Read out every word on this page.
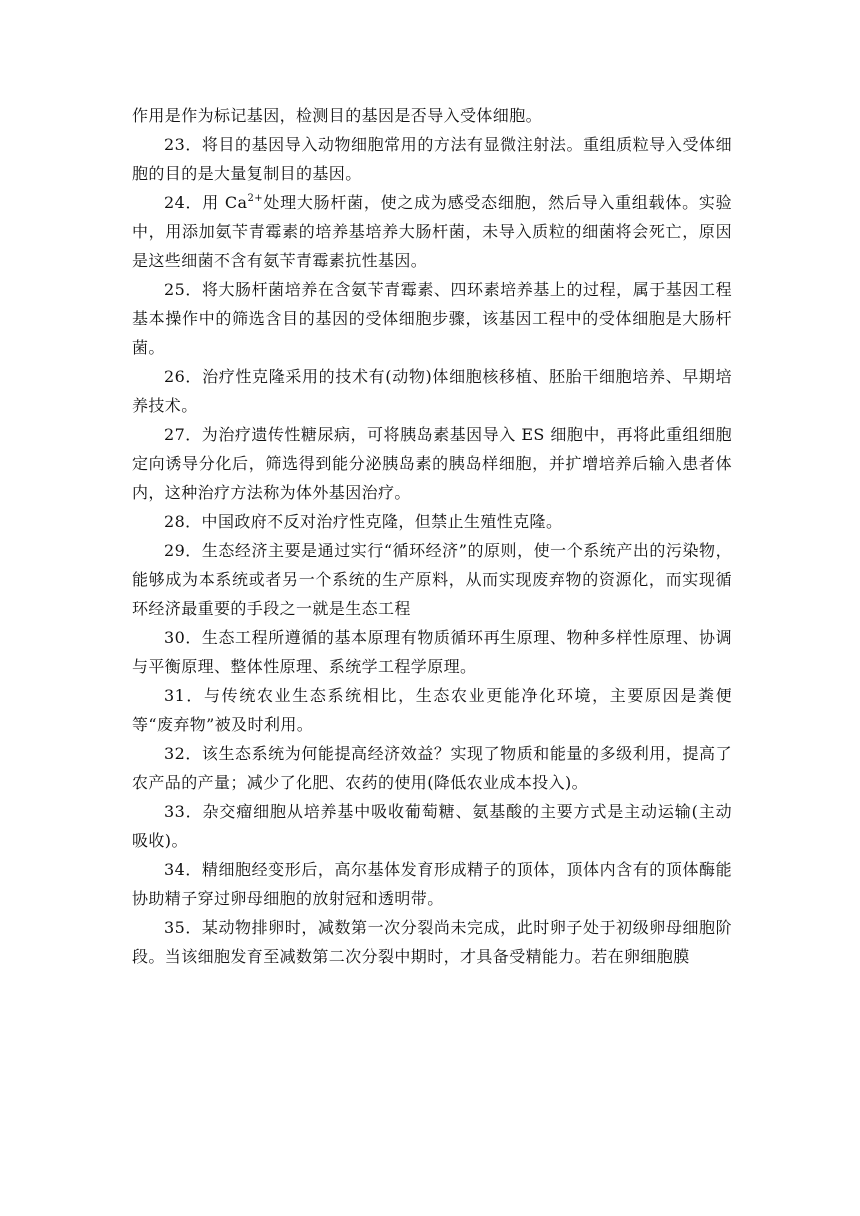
作用是作为标记基因，检测目的基因是否导入受体细胞。

23．将目的基因导入动物细胞常用的方法有显微注射法。重组质粒导入受体细胞的目的是大量复制目的基因。

24．用 $Ca^{2+}$处理大肠杆菌，使之成为感受态细胞，然后导入重组载体。实验中，用添加氨苄青霉素的培养基培养大肠杆菌，未导入质粒的细菌将会死亡，原因是这些细菌不含有氨苄青霉素抗性基因。

25．将大肠杆菌培养在含氨苄青霉素、四环素培养基上的过程，属于基因工程基本操作中的筛选含目的基因的受体细胞步骤，该基因工程中的受体细胞是大肠杆菌。

26．治疗性克隆采用的技术有(动物)体细胞核移植、胚胎干细胞培养、早期培养技术。

27．为治疗遗传性糖尿病，可将胰岛素基因导入 ES 细胞中，再将此重组细胞定向诱导分化后，筛选得到能分泌胰岛素的胰岛样细胞，并扩增培养后输入患者体内，这种治疗方法称为体外基因治疗。

28．中国政府不反对治疗性克隆，但禁止生殖性克隆。

29．生态经济主要是通过实行“循环经济”的原则，使一个系统产出的污染物，能够成为本系统或者另一个系统的生产原料，从而实现废弃物的资源化，而实现循环经济最重要的手段之一就是生态工程

30．生态工程所遵循的基本原理有物质循环再生原理、物种多样性原理、协调与平衡原理、整体性原理、系统学工程学原理。

31．与传统农业生态系统相比，生态农业更能净化环境，主要原因是粪便等“废弃物”被及时利用。

32．该生态系统为何能提高经济效益？实现了物质和能量的多级利用，提高了农产品的产量；减少了化肥、农药的使用(降低农业成本投入)。

33．杂交瘤细胞从培养基中吸收葡萄糖、氨基酸的主要方式是主动运输(主动吸收)。

34．精细胞经变形后，高尔基体发育形成精子的顶体，顶体内含有的顶体酶能协助精子穿过卵母细胞的放射冠和透明带。

35．某动物排卵时，减数第一次分裂尚未完成，此时卵子处于初级卵母细胞阶段。当该细胞发育至减数第二次分裂中期时，才具备受精能力。若在卵细胞膜
